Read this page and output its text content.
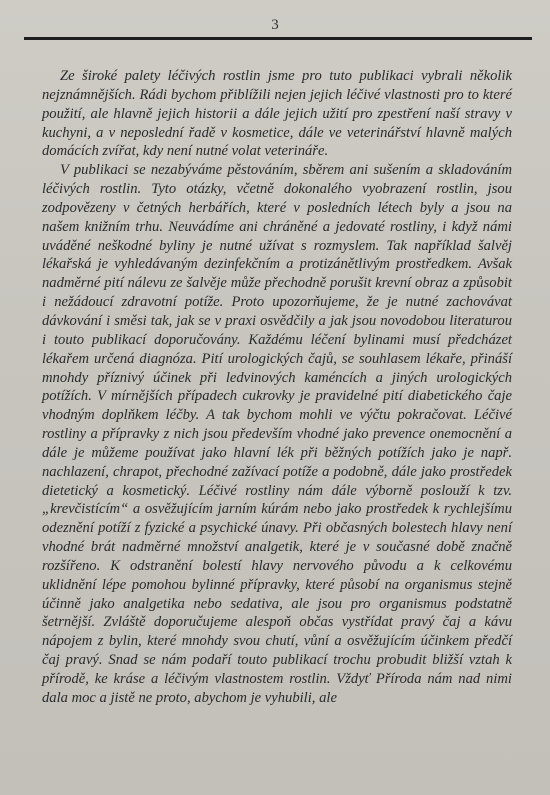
3

Ze široké palety léčivých rostlin jsme pro tuto publikaci vybrali několik nejznámnějších. Rádi bychom přiblížili nejen jejich léčivé vlastnosti pro to které použití, ale hlavně jejich historii a dále jejich užití pro zpestření naší stravy v kuchyni, a v neposlední řadě v kosmetice, dále ve veterinářství hlavně malých domácích zvířat, kdy není nutné volat veterináře.

V publikaci se nezabýváme pěstováním, sběrem ani sušením a skladováním léčivých rostlin. Tyto otázky, včetně dokonalého vyobrazení rostlin, jsou zodpovězeny v četných herbářích, které v posledních létech byly a jsou na našem knižním trhu. Neuvádíme ani chráněné a jedovaté rostliny, i když námi uváděné neškodné byliny je nutné užívat s rozmyslem. Tak například šalvěj lékařská je vyhledávaným dezinfekčním a protizánětlivým prostředkem. Avšak nadměrné pití nálevu ze šalvěje může přechodně porušit krevní obraz a způsobit i nežádoucí zdravotní potíže. Proto upozorňujeme, že je nutné zachovávat dávkování i směsi tak, jak se v praxi osvědčily a jak jsou novodobou literaturou i touto publikací doporučovány. Každému léčení bylinami musí předcházet lékařem určená diagnóza. Pití urologických čajů, se souhlasem lékaře, přináší mnohdy příznivý účinek při ledvinových kaméncích a jiných urologických potížích. V mírnějších případech cukrovky je pravidelné pití diabetického čaje vhodným doplňkem léčby. A tak bychom mohli ve výčtu pokračovat. Léčivé rostliny a přípravky z nich jsou především vhodné jako prevence onemocnění a dále je můžeme používat jako hlavní lék při běžných potížích jako je např. nachlazení, chrapot, přechodné zažívací potíže a podobně, dále jako prostředek dietetický a kosmetický. Léčivé rostliny nám dále výborně poslouží k tzv. „krevčistícím“ a osvěžujícím jarním kúrám nebo jako prostředek k rychlejšímu odeznění potíží z fyzické a psychické únavy. Při občasných bolestech hlavy není vhodné brát nadměrné množství analgetik, které je v současné době značně rozšířeno. K odstranění bolestí hlavy nervového původu a k celkovému uklidnění lépe pomohou bylinné přípravky, které působí na organismus stejně účinně jako analgetika nebo sedativa, ale jsou pro organismus podstatně šetrnější. Zvláště doporučujeme alespoň občas vystřídat pravý čaj a kávu nápojem z bylin, které mnohdy svou chutí, vůní a osvěžujícím účinkem předčí čaj pravý. Snad se nám podaří touto publikací trochu probudit bližší vztah k přírodě, ke kráse a léčivým vlastnostem rostlin. Vždyť Příroda nám nad nimi dala moc a jistě ne proto, abychom je vyhubili, ale
